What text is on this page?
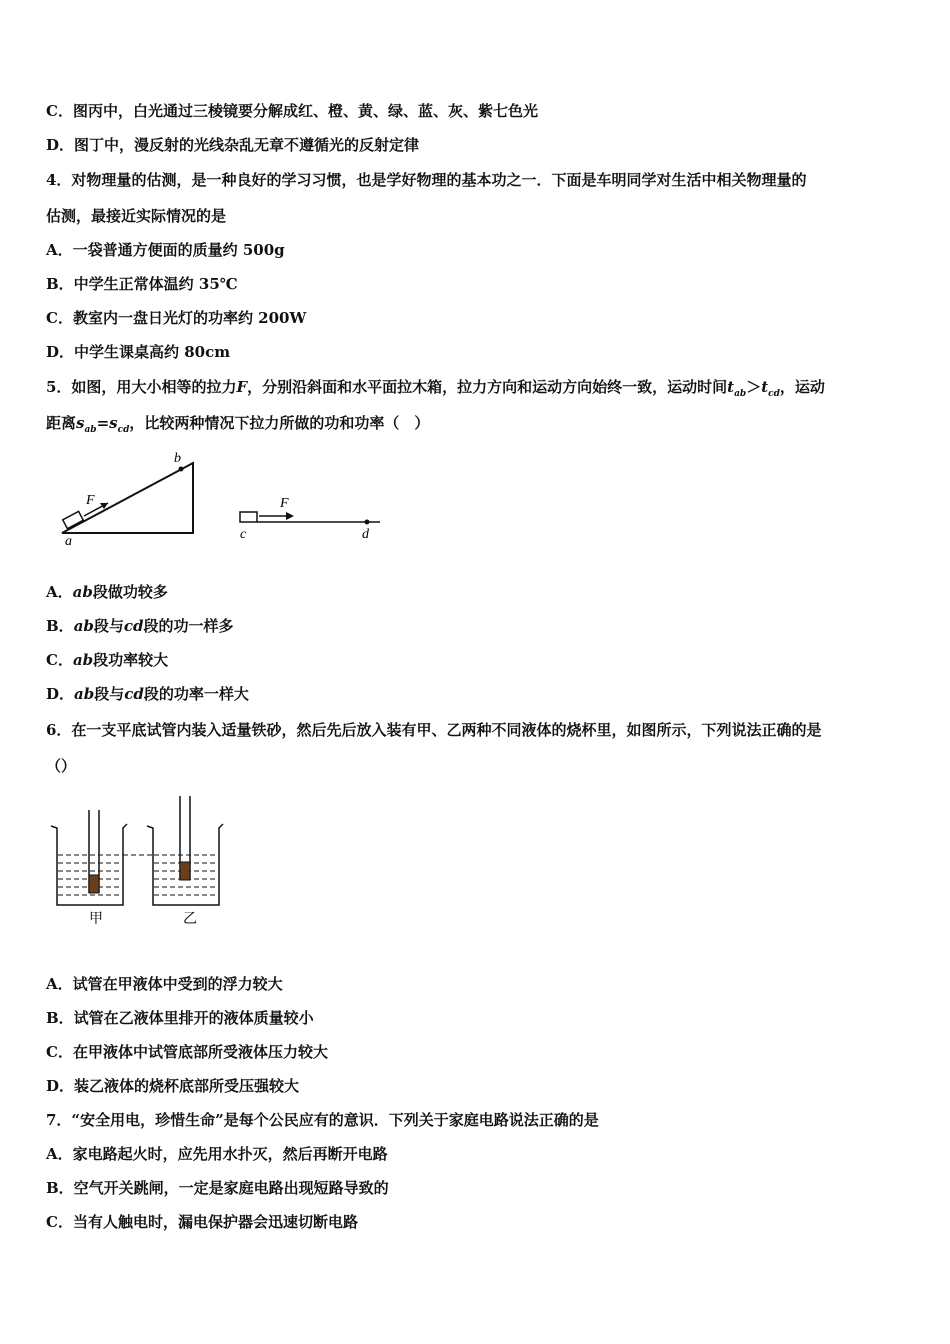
C．图丙中，白光通过三棱镜要分解成红、橙、黄、绿、蓝、灰、紫七色光
D．图丁中，漫反射的光线杂乱无章不遵循光的反射定律
4．对物理量的估测，是一种良好的学习习惯，也是学好物理的基本功之一．下面是车明同学对生活中相关物理量的
估测，最接近实际情况的是
A．一袋普通方便面的质量约 500g
B．中学生正常体温约 35℃
C．教室内一盘日光灯的功率约 200W
D．中学生课桌高约 80cm
5．如图，用大小相等的拉力F，分别沿斜面和水平面拉木箱，拉力方向和运动方向始终一致，运动时间$t_{ab}>t_{cd}$，运动
距离$s_{ab}=s_{cd}$，比较两种情况下拉力所做的功和功率（　）
F
b
a
F
c	d
A．ab段做功较多
B．ab段与cd段的功一样多
C．ab段功率较大
D．ab段与cd段的功率一样大
6．在一支平底试管内装入适量铁砂，然后先后放入装有甲、乙两种不同液体的烧杯里，如图所示，下列说法正确的是
（）
甲	乙
A．试管在甲液体中受到的浮力较大
B．试管在乙液体里排开的液体质量较小
C．在甲液体中试管底部所受液体压力较大
D．装乙液体的烧杯底部所受压强较大
7．“安全用电，珍惜生命”是每个公民应有的意识．下列关于家庭电路说法正确的是
A．家电路起火时，应先用水扑灭，然后再断开电路
B．空气开关跳闸，一定是家庭电路出现短路导致的
C．当有人触电时，漏电保护器会迅速切断电路
